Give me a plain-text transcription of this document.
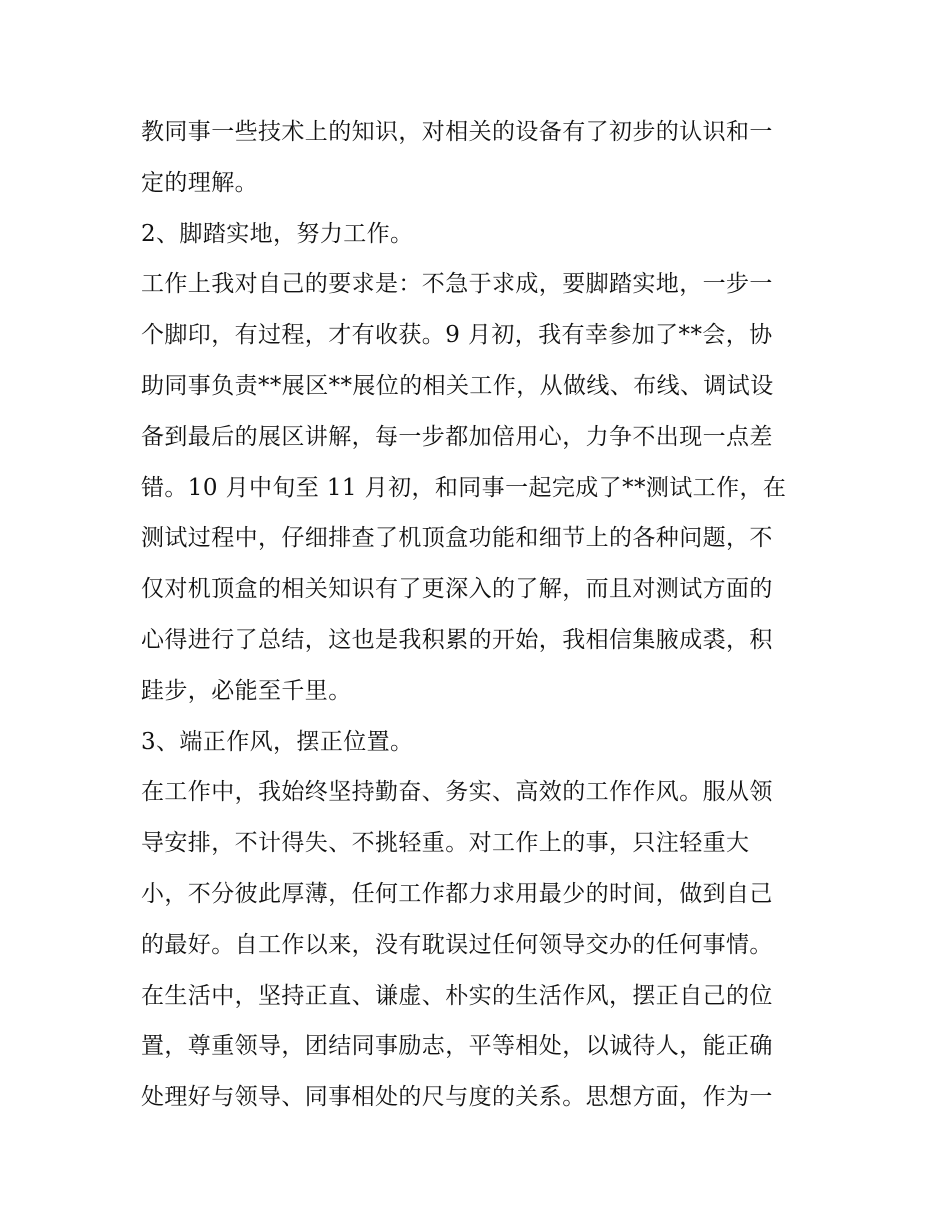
教同事一些技术上的知识，对相关的设备有了初步的认识和一
定的理解。
2、脚踏实地，努力工作。
工作上我对自己的要求是：不急于求成，要脚踏实地，一步一
个脚印，有过程，才有收获。9 月初，我有幸参加了**会，协
助同事负责**展区**展位的相关工作，从做线、布线、调试设
备到最后的展区讲解，每一步都加倍用心，力争不出现一点差
错。10 月中旬至 11 月初，和同事一起完成了**测试工作，在
测试过程中，仔细排查了机顶盒功能和细节上的各种问题，不
仅对机顶盒的相关知识有了更深入的了解，而且对测试方面的
心得进行了总结，这也是我积累的开始，我相信集腋成裘，积
跬步，必能至千里。
3、端正作风，摆正位置。
在工作中，我始终坚持勤奋、务实、高效的工作作风。服从领
导安排，不计得失、不挑轻重。对工作上的事，只注轻重大
小，不分彼此厚薄，任何工作都力求用最少的时间，做到自己
的最好。自工作以来，没有耽误过任何领导交办的任何事情。
在生活中，坚持正直、谦虚、朴实的生活作风，摆正自己的位
置，尊重领导，团结同事励志，平等相处，以诚待人，能正确
处理好与领导、同事相处的尺与度的关系。思想方面，作为一
